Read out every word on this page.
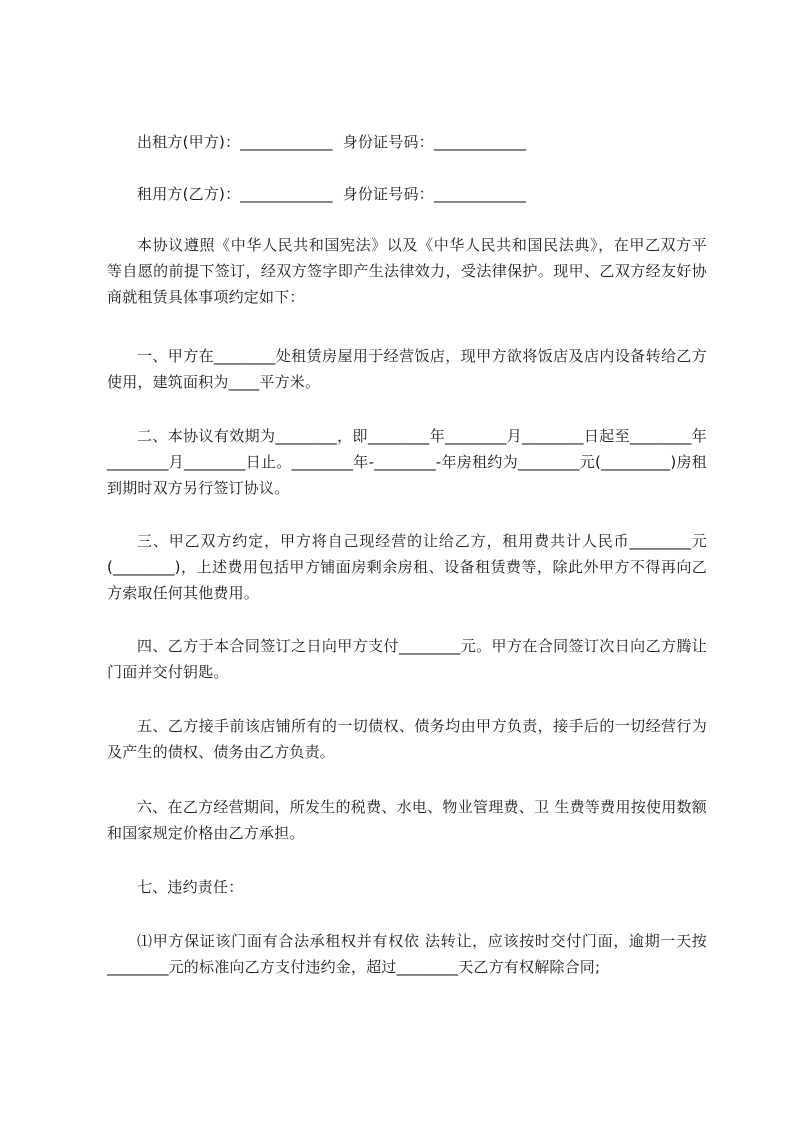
出租方(甲方)：____________  身份证号码：____________
租用方(乙方)：____________  身份证号码：____________

本协议遵照《中华人民共和国宪法》以及《中华人民共和国民法典》，在甲乙双方平等自愿的前提下签订，经双方签字即产生法律效力，受法律保护。现甲、乙双方经友好协商就租赁具体事项约定如下：

一、甲方在________处租赁房屋用于经营饭店，现甲方欲将饭店及店内设备转给乙方使用，建筑面积为____平方米。

二、本协议有效期为________，即________年________月________日起至________年________月________日止。________年-________-年房租约为________元(_________)房租到期时双方另行签订协议。

三、甲乙双方约定，甲方将自己现经营的让给乙方，租用费共计人民币________元(________)，上述费用包括甲方铺面房剩余房租、设备租赁费等，除此外甲方不得再向乙方索取任何其他费用。

四、乙方于本合同签订之日向甲方支付________元。甲方在合同签订次日向乙方腾让门面并交付钥匙。

五、乙方接手前该店铺所有的一切债权、债务均由甲方负责，接手后的一切经营行为及产生的债权、债务由乙方负责。

六、在乙方经营期间，所发生的税费、水电、物业管理费、卫 生费等费用按使用数额和国家规定价格由乙方承担。

七、违约责任：

⑴甲方保证该门面有合法承租权并有权依 法转让，应该按时交付门面，逾期一天按________元的标准向乙方支付违约金，超过________天乙方有权解除合同;
